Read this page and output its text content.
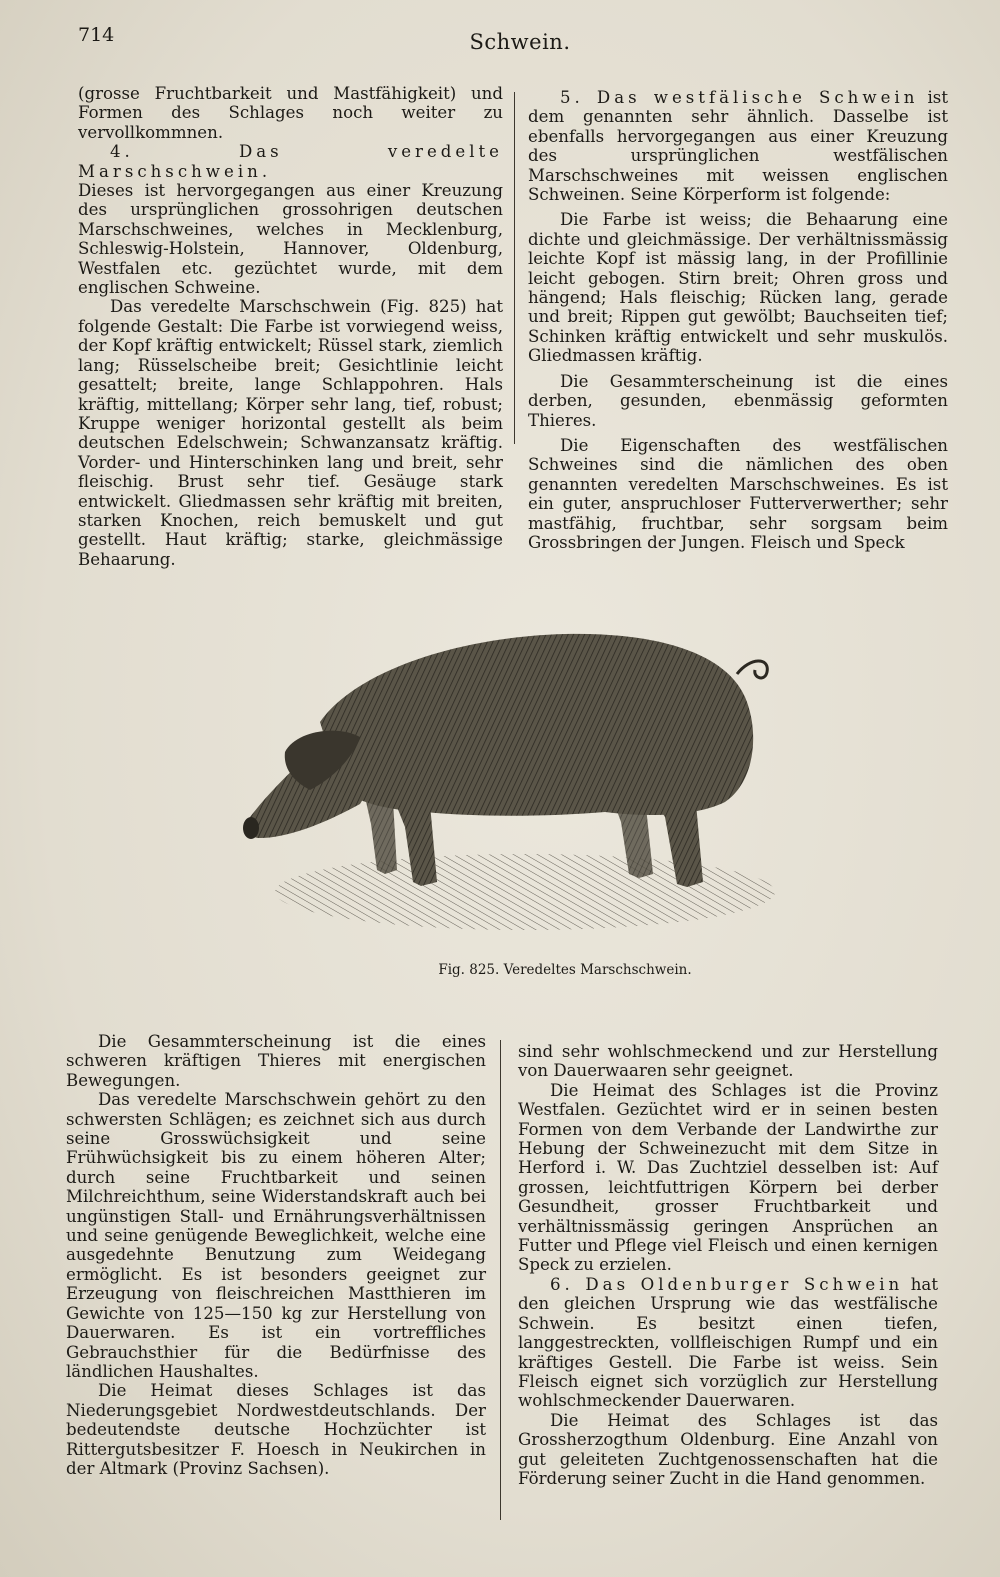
714	Schwein.

(grosse Fruchtbarkeit und Mastfähigkeit) und Formen des Schlages noch weiter zu vervollkommnen.

4. Das veredelte Marschschwein.
Dieses ist hervorgegangen aus einer Kreuzung des ursprünglichen grossohrigen deutschen Marschschweines, welches in Mecklenburg, Schleswig-Holstein, Hannover, Oldenburg, Westfalen etc. gezüchtet wurde, mit dem englischen Schweine.

Das veredelte Marschschwein (Fig. 825) hat folgende Gestalt: Die Farbe ist vorwiegend weiss, der Kopf kräftig entwickelt; Rüssel stark, ziemlich lang; Rüsselscheibe breit; Gesichtlinie leicht gesattelt; breite, lange Schlappohren. Hals kräftig, mittellang; Körper sehr lang, tief, robust; Kruppe weniger horizontal gestellt als beim deutschen Edelschwein; Schwanzansatz kräftig. Vorder- und Hinterschinken lang und breit, sehr fleischig. Brust sehr tief. Gesäuge stark entwickelt. Gliedmassen sehr kräftig mit breiten, starken Knochen, reich bemuskelt und gut gestellt. Haut kräftig; starke, gleichmässige Behaarung.

5. Das westfälische Schwein ist dem genannten sehr ähnlich. Dasselbe ist ebenfalls hervorgegangen aus einer Kreuzung des ursprünglichen westfälischen Marschschweines mit weissen englischen Schweinen. Seine Körperform ist folgende:

Die Farbe ist weiss; die Behaarung eine dichte und gleichmässige. Der verhältnissmässig leichte Kopf ist mässig lang, in der Profillinie leicht gebogen. Stirn breit; Ohren gross und hängend; Hals fleischig; Rücken lang, gerade und breit; Rippen gut gewölbt; Bauchseiten tief; Schinken kräftig entwickelt und sehr muskulös. Gliedmassen kräftig.

Die Gesammterscheinung ist die eines derben, gesunden, ebenmässig geformten Thieres.

Die Eigenschaften des westfälischen Schweines sind die nämlichen des oben genannten veredelten Marschschweines. Es ist ein guter, anspruchloser Futterverwerther; sehr mastfähig, fruchtbar, sehr sorgsam beim Grossbringen der Jungen. Fleisch und Speck

Fig. 825. Veredeltes Marschschwein.

Die Gesammterscheinung ist die eines schweren kräftigen Thieres mit energischen Bewegungen.

Das veredelte Marschschwein gehört zu den schwersten Schlägen; es zeichnet sich aus durch seine Grosswüchsigkeit und seine Frühwüchsigkeit bis zu einem höheren Alter; durch seine Fruchtbarkeit und seinen Milchreichthum, seine Widerstandskraft auch bei ungünstigen Stall- und Ernährungsverhältnissen und seine genügende Beweglichkeit, welche eine ausgedehnte Benutzung zum Weidegang ermöglicht. Es ist besonders geeignet zur Erzeugung von fleischreichen Mastthieren im Gewichte von 125—150 kg zur Herstellung von Dauerwaren. Es ist ein vortreffliches Gebrauchsthier für die Bedürfnisse des ländlichen Haushaltes.

Die Heimat dieses Schlages ist das Niederungsgebiet Nordwestdeutschlands. Der bedeutendste deutsche Hochzüchter ist Rittergutsbesitzer F. Hoesch in Neukirchen in der Altmark (Provinz Sachsen).

sind sehr wohlschmeckend und zur Herstellung von Dauerwaaren sehr geeignet.

Die Heimat des Schlages ist die Provinz Westfalen. Gezüchtet wird er in seinen besten Formen von dem Verbande der Landwirthe zur Hebung der Schweinezucht mit dem Sitze in Herford i. W. Das Zuchtziel desselben ist: Auf grossen, leichtfuttrigen Körpern bei derber Gesundheit, grosser Fruchtbarkeit und verhältnissmässig geringen Ansprüchen an Futter und Pflege viel Fleisch und einen kernigen Speck zu erzielen.

6. Das Oldenburger Schwein hat den gleichen Ursprung wie das westfälische Schwein. Es besitzt einen tiefen, langgestreckten, vollfleischigen Rumpf und ein kräftiges Gestell. Die Farbe ist weiss. Sein Fleisch eignet sich vorzüglich zur Herstellung wohlschmeckender Dauerwaren.

Die Heimat des Schlages ist das Grossherzogthum Oldenburg. Eine Anzahl von gut geleiteten Zuchtgenossenschaften hat die Förderung seiner Zucht in die Hand genommen.
